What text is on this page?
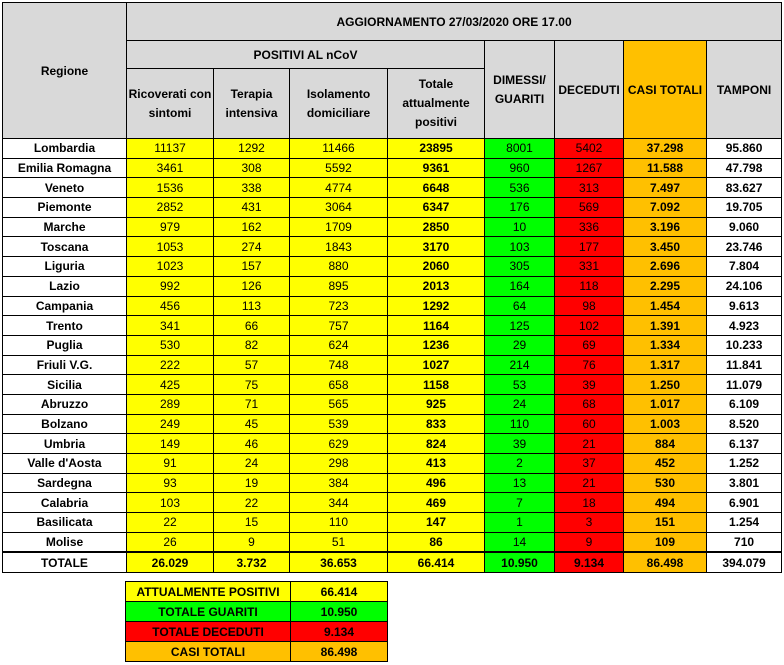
Regione	AGGIORNAMENTO 27/03/2020 ORE 17.00							
	POSITIVI AL nCoV				DIMESSI/ GUARITI	DECEDUTI	CASI TOTALI	TAMPONI
	Ricoverati con sintomi	Terapia intensiva	Isolamento domiciliare	Totale attualmente positivi				
Lombardia	11137	1292	11466	23895	8001	5402	37.298	95.860
Emilia Romagna	3461	308	5592	9361	960	1267	11.588	47.798
Veneto	1536	338	4774	6648	536	313	7.497	83.627
Piemonte	2852	431	3064	6347	176	569	7.092	19.705
Marche	979	162	1709	2850	10	336	3.196	9.060
Toscana	1053	274	1843	3170	103	177	3.450	23.746
Liguria	1023	157	880	2060	305	331	2.696	7.804
Lazio	992	126	895	2013	164	118	2.295	24.106
Campania	456	113	723	1292	64	98	1.454	9.613
Trento	341	66	757	1164	125	102	1.391	4.923
Puglia	530	82	624	1236	29	69	1.334	10.233
Friuli V.G.	222	57	748	1027	214	76	1.317	11.841
Sicilia	425	75	658	1158	53	39	1.250	11.079
Abruzzo	289	71	565	925	24	68	1.017	6.109
Bolzano	249	45	539	833	110	60	1.003	8.520
Umbria	149	46	629	824	39	21	884	6.137
Valle d'Aosta	91	24	298	413	2	37	452	1.252
Sardegna	93	19	384	496	13	21	530	3.801
Calabria	103	22	344	469	7	18	494	6.901
Basilicata	22	15	110	147	1	3	151	1.254
Molise	26	9	51	86	14	9	109	710
TOTALE	26.029	3.732	36.653	66.414	10.950	9.134	86.498	394.079
ATTUALMENTE POSITIVI	66.414
TOTALE GUARITI	10.950
TOTALE DECEDUTI	9.134
CASI TOTALI	86.498
